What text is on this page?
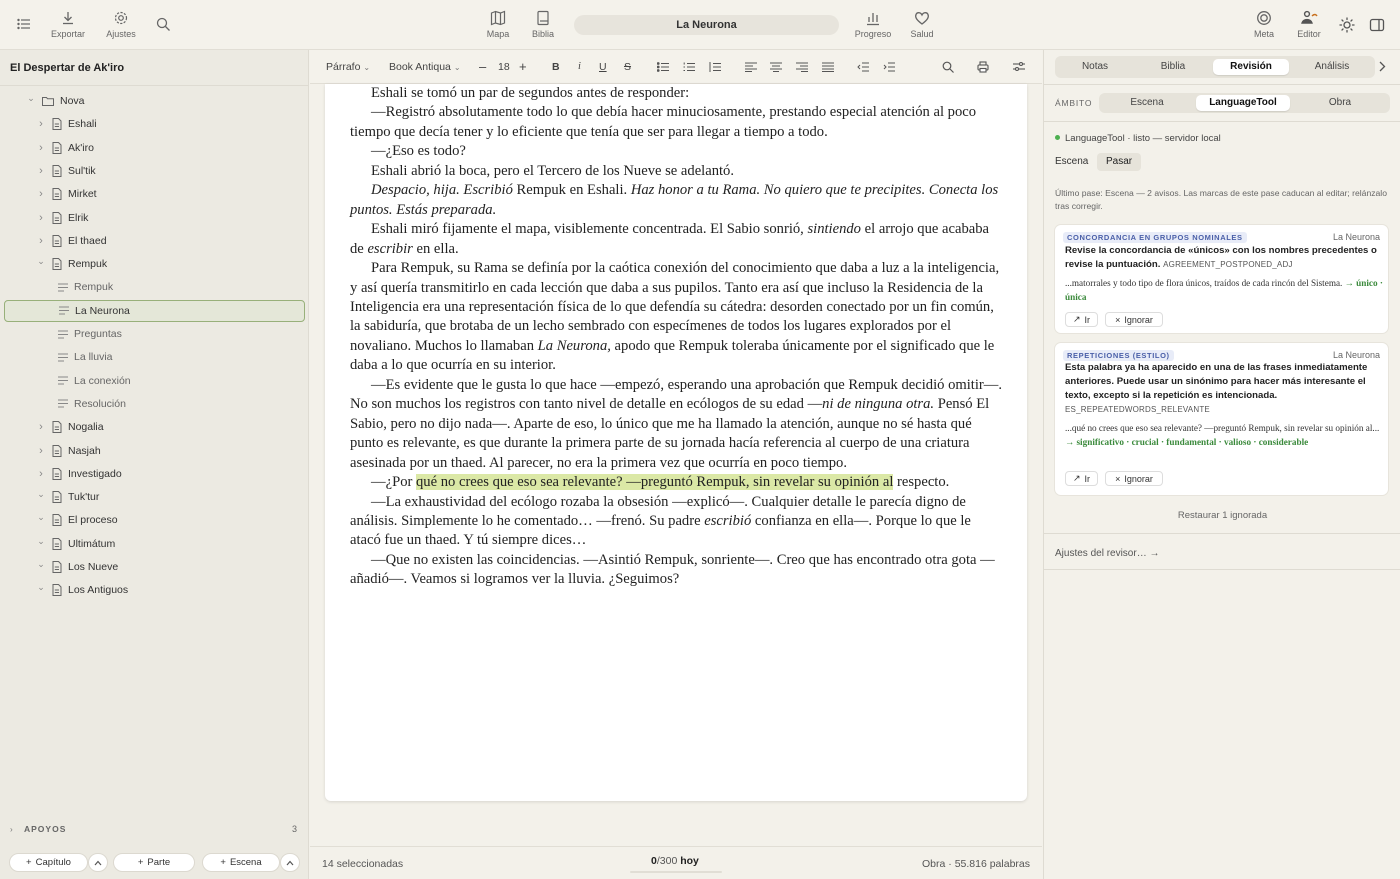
Exportar Ajustes	Mapa	Biblia
La Neurona
Progreso Salud	Meta	Editor
El Despertar de Ak'iro
⌄ Nova
›	Eshali
›	Ak'iro
›	Sul'tik
›	Mirket
›	Elrik
›	El thaed
⌄ Rempuk
Rempuk
La Neurona
Preguntas
La lluvia
La conexión
Resolución
›	Nogalia
›	Nasjah
›	Investigado
⌄ Tuk'tur
⌄ El proceso
⌄ Ultimátum
⌄ Los Nueve
⌄ Los Antiguos
› APOYOS	3
+ Capítulo	+ Parte	+ Escena
Párrafo ⌄ Book Antiqua ⌄ – 18 + B i U S

Eshali se tomó un par de segundos antes de responder:

—Registró absolutamente todo lo que debía hacer minuciosamente, prestando especial atención al poco tiempo que decía tener y lo eficiente que tenía que ser para llegar a tiempo a todo.

—¿Eso es todo?

Eshali abrió la boca, pero el Tercero de los Nueve se adelantó.

Despacio, hija. Escribió Rempuk en Eshali. Haz honor a tu Rama. No quiero que te precipites. Conecta los puntos. Estás preparada.

Eshali miró fijamente el mapa, visiblemente concentrada. El Sabio sonrió, sintiendo el arrojo que acababa de escribir en ella.

Para Rempuk, su Rama se definía por la caótica conexión del conocimiento que daba a luz a la inteligencia, y así quería transmitirlo en cada lección que daba a sus pupilos. Tanto era así que incluso la Residencia de la Inteligencia era una representación física de lo que defendía su cátedra: desorden conectado por un fin común, la sabiduría, que brotaba de un lecho sembrado con especímenes de todos los lugares explorados por el novaliano. Muchos lo llamaban La Neurona, apodo que Rempuk toleraba únicamente por el significado que le daba a lo que ocurría en su interior.

—Es evidente que le gusta lo que hace —empezó, esperando una aprobación que Rempuk decidió omitir—. No son muchos los registros con tanto nivel de detalle en ecólogos de su edad —ni de ninguna otra. Pensó El Sabio, pero no dijo nada—. Aparte de eso, lo único que me ha llamado la atención, aunque no sé hasta qué punto es relevante, es que durante la primera parte de su jornada hacía referencia al cuerpo de una criatura asesinada por un thaed. Al parecer, no era la primera vez que ocurría en poco tiempo.

—¿Por qué no crees que eso sea relevante? —preguntó Rempuk, sin revelar su opinión al respecto.

—La exhaustividad del ecólogo rozaba la obsesión —explicó—. Cualquier detalle le parecía digno de análisis. Simplemente lo he comentado… —frenó. Su padre escribió confianza en ella—. Porque lo que le atacó fue un thaed. Y tú siempre dices…

—Que no existen las coincidencias. —Asintió Rempuk, sonriente—. Creo que has encontrado otra gota —añadió—. Veamos si logramos ver la lluvia. ¿Seguimos?

14 seleccionadas	0/300 hoy	Obra · 55.816 palabras
Notas	Biblia	Revisión	Análisis
ÁMBITO	Escena	LanguageTool	Obra
LanguageTool · listo — servidor local
Escena	Pasar
Último pase: Escena — 2 avisos. Las marcas de este pase caducan al editar; relánzalo tras corregir.
CONCORDANCIA EN GRUPOS NOMINALES	La Neurona
Revise la concordancia de «únicos» con los nombres precedentes o revise la puntuación. AGREEMENT_POSTPONED_ADJ
...matorrales y todo tipo de flora únicos, traídos de cada rincón del Sistema. → único · única
↗ Ir	× Ignorar
REPETICIONES (ESTILO)	La Neurona
Esta palabra ya ha aparecido en una de las frases inmediatamente anteriores. Puede usar un sinónimo para hacer más interesante el texto, excepto si la repetición es intencionada.
ES_REPEATEDWORDS_RELEVANTE
...qué no crees que eso sea relevante? —preguntó Rempuk, sin revelar su opinión al... → significativo · crucial · fundamental · valioso · considerable
↗ Ir	× Ignorar
Restaurar 1 ignorada
Ajustes del revisor… →
